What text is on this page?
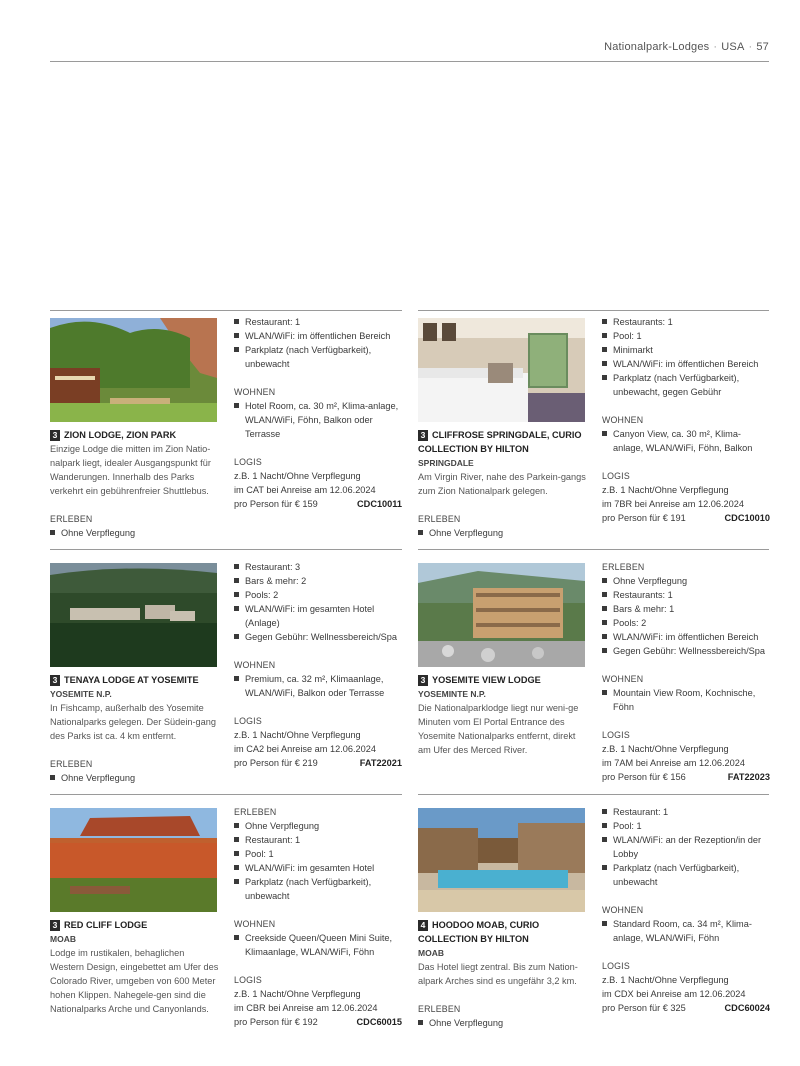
Nationalpark-Lodges · USA · 57
3 ZION LODGE, ZION PARK
Einzige Lodge die mitten im Zion Natio-nalpark liegt, idealer Ausgangspunkt für Wanderungen. Innerhalb des Parks verkehrt ein gebührenfreier Shuttlebus.
ERLEBEN
Ohne Verpflegung
Restaurant: 1
WLAN/WiFi: im öffentlichen Bereich
Parkplatz (nach Verfügbarkeit), unbewacht
WOHNEN
Hotel Room, ca. 30 m², Klima-anlage, WLAN/WiFi, Föhn, Balkon oder Terrasse
LOGIS
z.B. 1 Nacht/Ohne Verpflegung
im CAT bei Anreise am 12.06.2024
pro Person für € 159	CDC10011
3 CLIFFROSE SPRINGDALE, CURIO COLLECTION BY HILTON
SPRINGDALE
Am Virgin River, nahe des Parkein-gangs zum Zion Nationalpark gelegen.
ERLEBEN
Ohne Verpflegung
Restaurants: 1
Pool: 1
Minimarkt
WLAN/WiFi: im öffentlichen Bereich
Parkplatz (nach Verfügbarkeit), unbewacht, gegen Gebühr
WOHNEN
Canyon View, ca. 30 m², Klima-anlage, WLAN/WiFi, Föhn, Balkon
LOGIS
z.B. 1 Nacht/Ohne Verpflegung
im 7BR bei Anreise am 12.06.2024
pro Person für € 191	CDC10010
3 TENAYA LODGE AT YOSEMITE
YOSEMITE N.P.
In Fishcamp, außerhalb des Yosemite Nationalparks gelegen. Der Südein-gang des Parks ist ca. 4 km entfernt.
ERLEBEN
Ohne Verpflegung
Restaurant: 3
Bars & mehr: 2
Pools: 2
WLAN/WiFi: im gesamten Hotel (Anlage)
Gegen Gebühr: Wellnessbereich/Spa
WOHNEN
Premium, ca. 32 m², Klimaanlage, WLAN/WiFi, Balkon oder Terrasse
LOGIS
z.B. 1 Nacht/Ohne Verpflegung
im CA2 bei Anreise am 12.06.2024
pro Person für € 219	FAT22021
3 YOSEMITE VIEW LODGE
YOSEMINTE N.P.
Die Nationalparklodge liegt nur weni-ge Minuten vom El Portal Entrance des Yosemite Nationalparks entfernt, direkt am Ufer des Merced River.
ERLEBEN
Ohne Verpflegung
Restaurants: 1
Bars & mehr: 1
Pools: 2
WLAN/WiFi: im öffentlichen Bereich
Gegen Gebühr: Wellnessbereich/Spa
WOHNEN
Mountain View Room, Kochnische, Föhn
LOGIS
z.B. 1 Nacht/Ohne Verpflegung
im 7AM bei Anreise am 12.06.2024
pro Person für € 156	FAT22023
3 RED CLIFF LODGE
MOAB
Lodge im rustikalen, behaglichen Western Design, eingebettet am Ufer des Colorado River, umgeben von 600 Meter hohen Klippen. Nahegele-gen sind die Nationalparks Arche und Canyonlands.
ERLEBEN
Ohne Verpflegung
Restaurant: 1
Pool: 1
WLAN/WiFi: im gesamten Hotel
Parkplatz (nach Verfügbarkeit), unbewacht
WOHNEN
Creekside Queen/Queen Mini Suite, Klimaanlage, WLAN/WiFi, Föhn
LOGIS
z.B. 1 Nacht/Ohne Verpflegung
im CBR bei Anreise am 12.06.2024
pro Person für € 192	CDC60015
4 HOODOO MOAB, CURIO COLLECTION BY HILTON
MOAB
Das Hotel liegt zentral. Bis zum Nation-alpark Arches sind es ungefähr 3,2 km.
ERLEBEN
Ohne Verpflegung
Restaurant: 1
Pool: 1
WLAN/WiFi: an der Rezeption/in der Lobby
Parkplatz (nach Verfügbarkeit), unbewacht
WOHNEN
Standard Room, ca. 34 m², Klima-anlage, WLAN/WiFi, Föhn
LOGIS
z.B. 1 Nacht/Ohne Verpflegung
im CDX bei Anreise am 12.06.2024
pro Person für € 325	CDC60024
